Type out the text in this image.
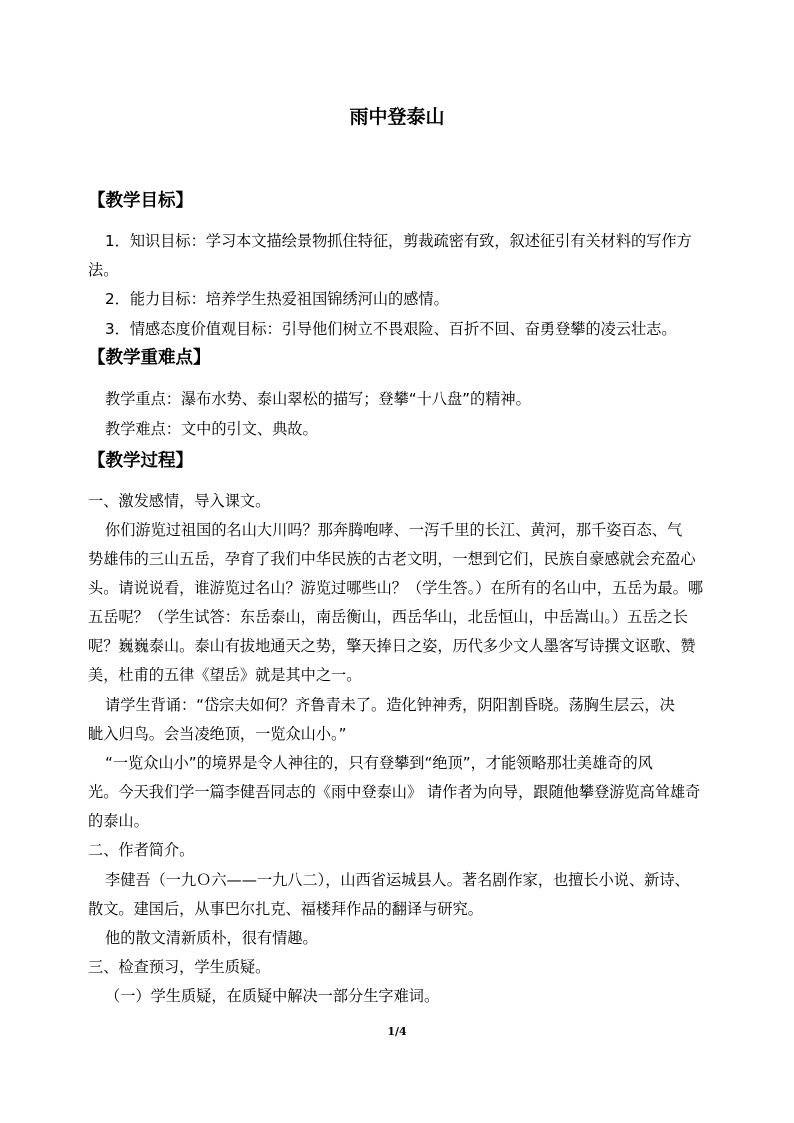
雨中登泰山
【教学目标】
1．知识目标：学习本文描绘景物抓住特征，剪裁疏密有致，叙述征引有关材料的写作方
法。
2．能力目标：培养学生热爱祖国锦绣河山的感情。
3．情感态度价值观目标：引导他们树立不畏艰险、百折不回、奋勇登攀的凌云壮志。
【教学重难点】
教学重点：瀑布水势、泰山翠松的描写；登攀“十八盘”的精神。
教学难点：文中的引文、典故。
【教学过程】
一、激发感情，导入课文。
你们游览过祖国的名山大川吗？那奔腾咆哮、一泻千里的长江、黄河，那千姿百态、气
势雄伟的三山五岳，孕育了我们中华民族的古老文明，一想到它们，民族自豪感就会充盈心
头。请说说看，谁游览过名山？游览过哪些山？（学生答。）在所有的名山中，五岳为最。哪
五岳呢？（学生试答：东岳泰山，南岳衡山，西岳华山，北岳恒山，中岳嵩山。）五岳之长
呢？巍巍泰山。泰山有拔地通天之势，擎天捧日之姿，历代多少文人墨客写诗撰文讴歌、赞
美，杜甫的五律《望岳》就是其中之一。
请学生背诵：“岱宗夫如何？齐鲁青未了。造化钟神秀，阴阳割昏晓。荡胸生层云，决
眦入归鸟。会当凌绝顶，一览众山小。”
“一览众山小”的境界是令人神往的，只有登攀到“绝顶”，才能领略那壮美雄奇的风
光。今天我们学一篇李健吾同志的《雨中登泰山》 请作者为向导，跟随他攀登游览高耸雄奇
的泰山。
二、作者简介。
李健吾（一九Ｏ六——一九八二），山西省运城县人。著名剧作家，也擅长小说、新诗、
散文。建国后，从事巴尔扎克、福楼拜作品的翻译与研究。
他的散文清新质朴，很有情趣。
三、检查预习，学生质疑。
（一）学生质疑，在质疑中解决一部分生字难词。
1/4
